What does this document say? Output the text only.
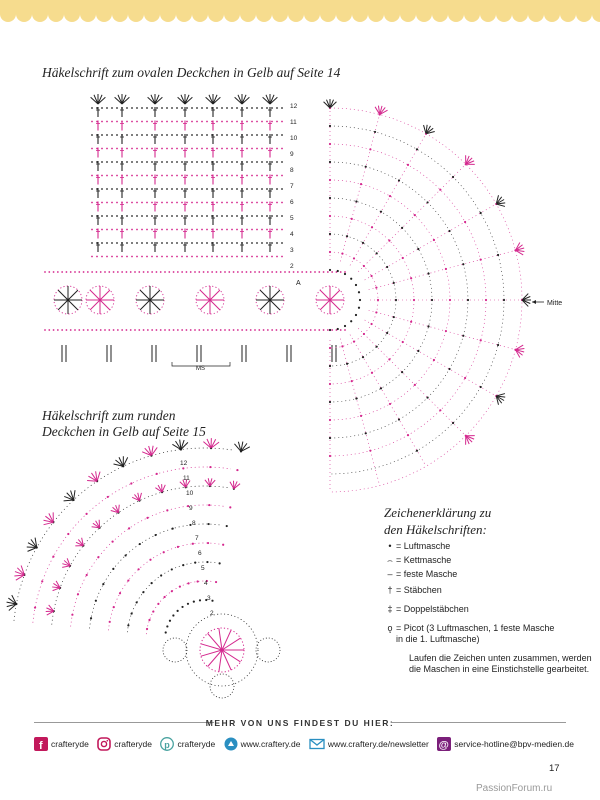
Häkelschrift zum ovalen Deckchen in Gelb auf Seite 14
Häkelschrift zum runden
Deckchen in Gelb auf Seite 15
A
Mitte
MS
12
11
10
9
8
7
6
5
4
3
2
12
11
10
9
8
7
6
5
4
3
2
Zeichenerklärung zu
den Häkelschriften:
• = Luftmasche
⌢ = Kettmasche
– = feste Masche
† = Stäbchen
‡ = Doppelstäbchen
ǫ = Picot (3 Luftmaschen, 1 feste Masche in die 1. Luftmasche)
Laufen die Zeichen unten zusammen, werden die Maschen in eine Einstichstelle gearbeitet.
MEHR VON UNS FINDEST DU HIER:
f crafteryde	crafteryde p crafteryde	www.craftery.de	www.craftery.de/newsletter @ service-hotline@bpv-medien.de
17
PassionForum.ru
